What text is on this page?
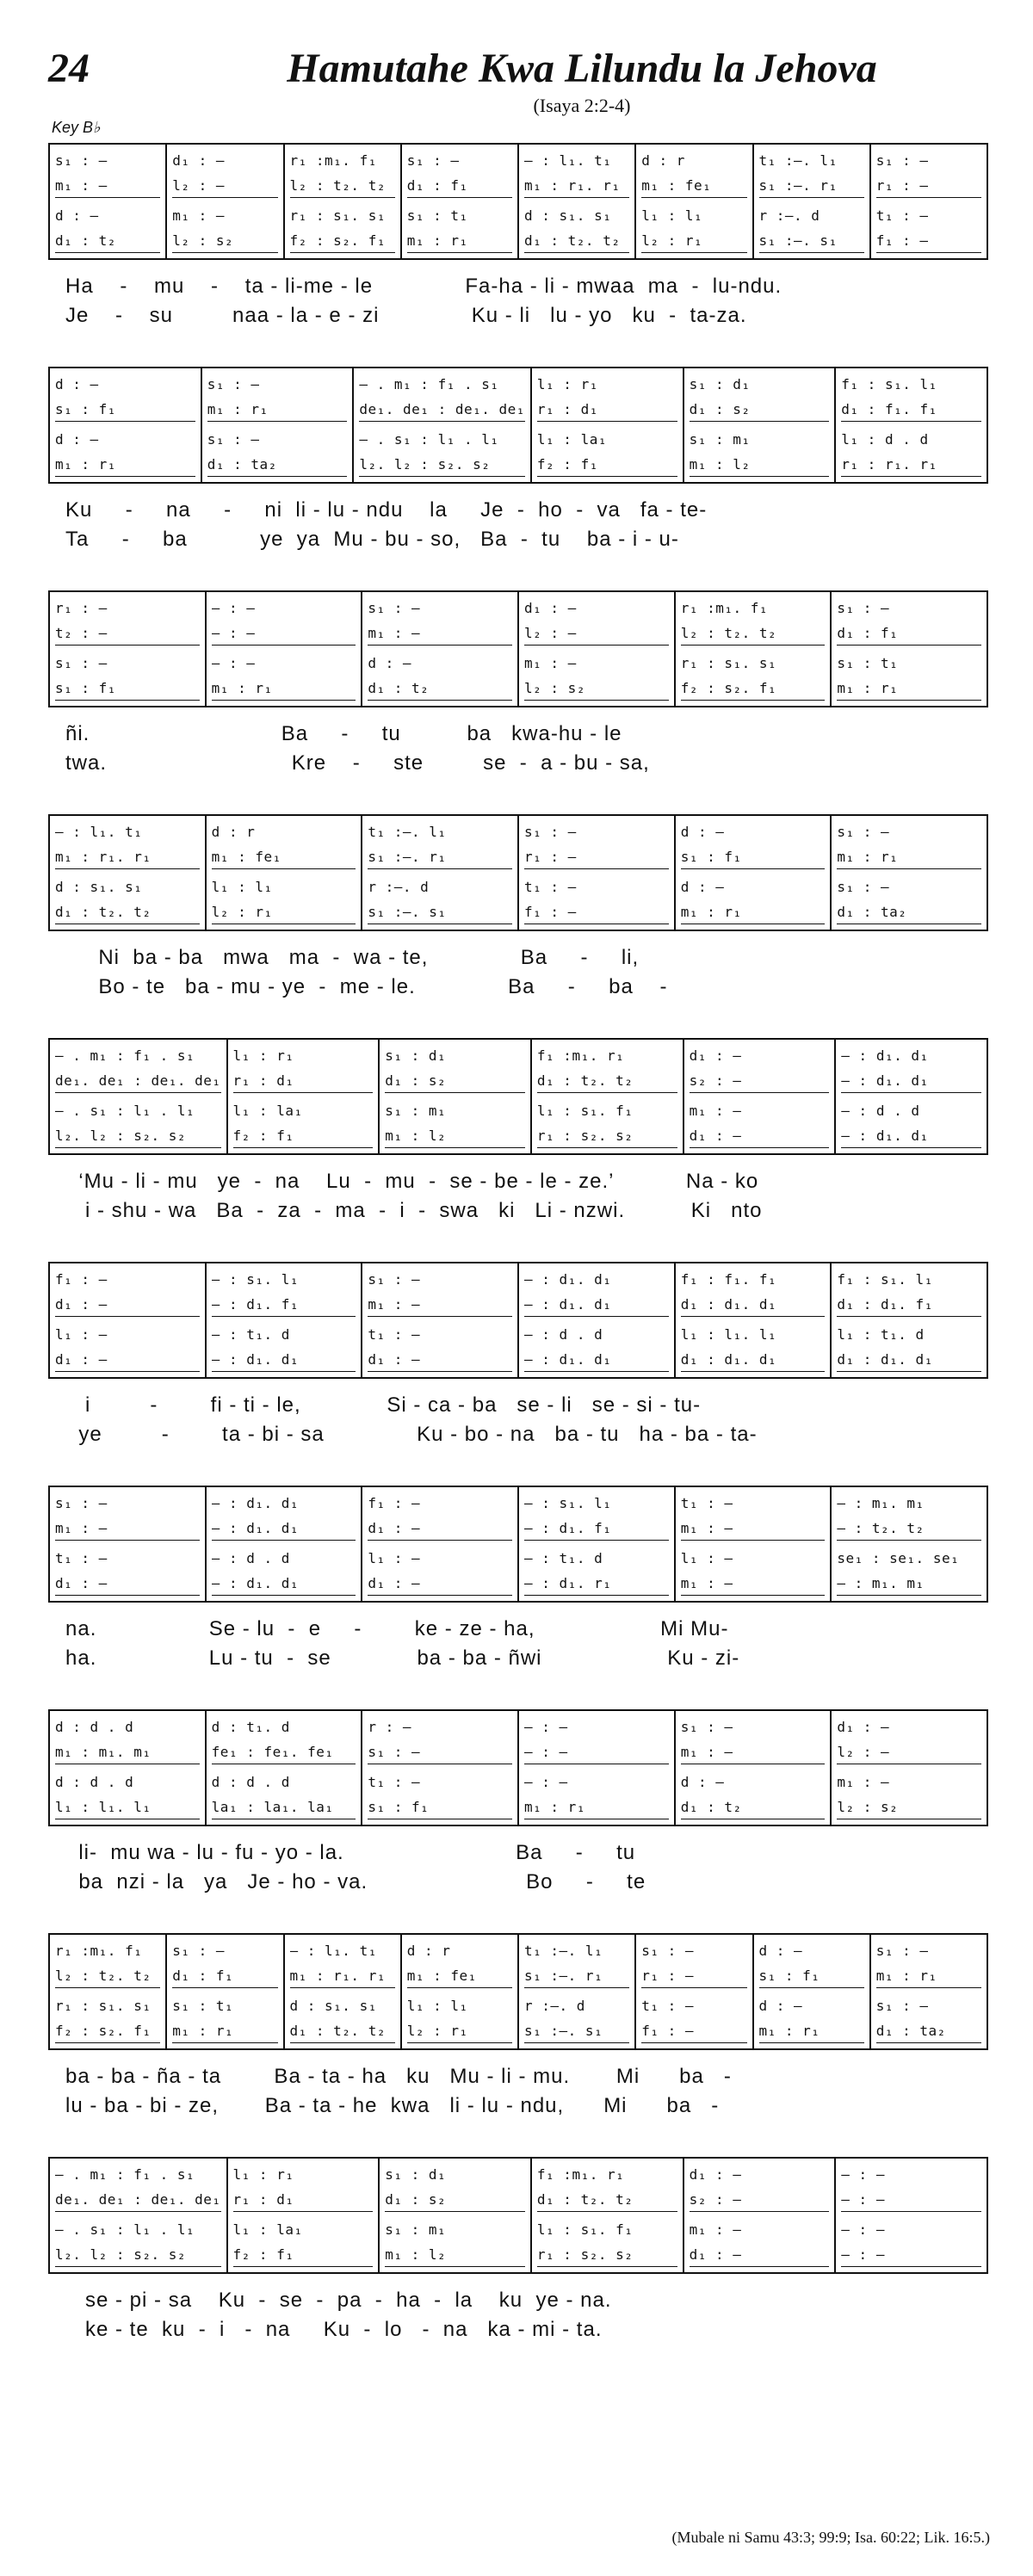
24	Hamutahe Kwa Lilundu la Jehova
(Isaya 2:2-4)
Key B♭
s₁ : —
m₁ : —
d : —
d₁ : t₂
d₁ : —
l₂ : —
m₁ : —
l₂ : s₂
r₁ :m₁. f₁
l₂ : t₂. t₂
r₁ : s₁. s₁
f₂ : s₂. f₁
s₁ : —
d₁ : f₁
s₁ : t₁
m₁ : r₁
— : l₁. t₁
m₁ : r₁. r₁
d : s₁. s₁
d₁ : t₂. t₂
d : r
m₁ : fe₁
l₁ : l₁
l₂ : r₁
t₁ :—. l₁
s₁ :—. r₁
r :—. d
s₁ :—. s₁
s₁ : —
r₁ : —
t₁ : —
f₁ : —
Ha    -    mu    -    ta - li-me - le              Fa-ha - li - mwaa  ma  -  lu-ndu.
Je    -    su         naa - la - e - zi              Ku - li   lu - yo   ku  -  ta-za.
d : —
s₁ : f₁
d : —
m₁ : r₁
s₁ : —
m₁ : r₁
s₁ : —
d₁ : ta₂
— . m₁ : f₁ . s₁
de₁. de₁ : de₁. de₁
— . s₁ : l₁ . l₁
l₂. l₂ : s₂. s₂
l₁ : r₁
r₁ : d₁
l₁ : la₁
f₂ : f₁
s₁ : d₁
d₁ : s₂
s₁ : m₁
m₁ : l₂
f₁ : s₁. l₁
d₁ : f₁. f₁
l₁ : d . d
r₁ : r₁. r₁
Ku     -     na     -     ni  li - lu - ndu    la     Je  -  ho  -  va   fa - te-
Ta     -     ba           ye  ya  Mu - bu - so,   Ba  -  tu    ba - i - u-
r₁ : —
t₂ : —
s₁ : —
s₁ : f₁
— : —
— : —
— : —
m₁ : r₁
s₁ : —
m₁ : —
d : —
d₁ : t₂
d₁ : —
l₂ : —
m₁ : —
l₂ : s₂
r₁ :m₁. f₁
l₂ : t₂. t₂
r₁ : s₁. s₁
f₂ : s₂. f₁
s₁ : —
d₁ : f₁
s₁ : t₁
m₁ : r₁
ñi.                             Ba     -     tu          ba   kwa-hu - le
twa.                            Kre    -     ste         se  -  a - bu - sa,
— : l₁. t₁
m₁ : r₁. r₁
d : s₁. s₁
d₁ : t₂. t₂
d : r
m₁ : fe₁
l₁ : l₁
l₂ : r₁
t₁ :—. l₁
s₁ :—. r₁
r :—. d
s₁ :—. s₁
s₁ : —
r₁ : —
t₁ : —
f₁ : —
d : —
s₁ : f₁
d : —
m₁ : r₁
s₁ : —
m₁ : r₁
s₁ : —
d₁ : ta₂
Ni  ba - ba   mwa   ma  -  wa - te,              Ba     -     li,
Bo - te   ba - mu - ye  -  me - le.              Ba     -     ba    -
— . m₁ : f₁ . s₁
de₁. de₁ : de₁. de₁
— . s₁ : l₁ . l₁
l₂. l₂ : s₂. s₂
l₁ : r₁
r₁ : d₁
l₁ : la₁
f₂ : f₁
s₁ : d₁
d₁ : s₂
s₁ : m₁
m₁ : l₂
f₁ :m₁. r₁
d₁ : t₂. t₂
l₁ : s₁. f₁
r₁ : s₂. s₂
d₁ : —
s₂ : —
m₁ : —
d₁ : —
— : d₁. d₁
— : d₁. d₁
— : d . d
— : d₁. d₁
‘Mu - li - mu   ye  -  na    Lu  -  mu  -  se - be - le - ze.’           Na - ko
i - shu - wa   Ba  -  za  -  ma  -  i  -  swa   ki   Li - nzwi.          Ki   nto
f₁ : —
d₁ : —
l₁ : —
d₁ : —
— : s₁. l₁
— : d₁. f₁
— : t₁. d
— : d₁. d₁
s₁ : —
m₁ : —
t₁ : —
d₁ : —
— : d₁. d₁
— : d₁. d₁
— : d . d
— : d₁. d₁
f₁ : f₁. f₁
d₁ : d₁. d₁
l₁ : l₁. l₁
d₁ : d₁. d₁
f₁ : s₁. l₁
d₁ : d₁. f₁
l₁ : t₁. d
d₁ : d₁. d₁
i         -        fi - ti - le,             Si - ca - ba   se - li   se - si - tu-
ye         -        ta - bi - sa              Ku - bo - na   ba - tu   ha - ba - ta-
s₁ : —
m₁ : —
t₁ : —
d₁ : —
— : d₁. d₁
— : d₁. d₁
— : d . d
— : d₁. d₁
f₁ : —
d₁ : —
l₁ : —
d₁ : —
— : s₁. l₁
— : d₁. f₁
— : t₁. d
— : d₁. r₁
t₁ : —
m₁ : —
l₁ : —
m₁ : —
— : m₁. m₁
— : t₂. t₂
se₁ : se₁. se₁
— : m₁. m₁
na.                 Se - lu  -  e     -        ke - ze - ha,                   Mi Mu-
ha.                 Lu - tu  -  se             ba - ba - ñwi                   Ku - zi-
d : d . d
m₁ : m₁. m₁
d : d . d
l₁ : l₁. l₁
d : t₁. d
fe₁ : fe₁. fe₁
d : d . d
la₁ : la₁. la₁
r : —
s₁ : —
t₁ : —
s₁ : f₁
— : —
— : —
— : —
m₁ : r₁
s₁ : —
m₁ : —
d : —
d₁ : t₂
d₁ : —
l₂ : —
m₁ : —
l₂ : s₂
li-  mu wa - lu - fu - yo - la.                          Ba     -     tu
ba  nzi - la   ya   Je - ho - va.                        Bo     -     te
r₁ :m₁. f₁
l₂ : t₂. t₂
r₁ : s₁. s₁
f₂ : s₂. f₁
s₁ : —
d₁ : f₁
s₁ : t₁
m₁ : r₁
— : l₁. t₁
m₁ : r₁. r₁
d : s₁. s₁
d₁ : t₂. t₂
d : r
m₁ : fe₁
l₁ : l₁
l₂ : r₁
t₁ :—. l₁
s₁ :—. r₁
r :—. d
s₁ :—. s₁
s₁ : —
r₁ : —
t₁ : —
f₁ : —
d : —
s₁ : f₁
d : —
m₁ : r₁
s₁ : —
m₁ : r₁
s₁ : —
d₁ : ta₂
ba - ba - ña - ta        Ba - ta - ha   ku   Mu - li - mu.       Mi      ba   -
lu - ba - bi - ze,       Ba - ta - he  kwa   li - lu - ndu,      Mi      ba   -
— . m₁ : f₁ . s₁
de₁. de₁ : de₁. de₁
— . s₁ : l₁ . l₁
l₂. l₂ : s₂. s₂
l₁ : r₁
r₁ : d₁
l₁ : la₁
f₂ : f₁
s₁ : d₁
d₁ : s₂
s₁ : m₁
m₁ : l₂
f₁ :m₁. r₁
d₁ : t₂. t₂
l₁ : s₁. f₁
r₁ : s₂. s₂
d₁ : —
s₂ : —
m₁ : —
d₁ : —
— : —
— : —
— : —
— : —
se - pi - sa    Ku  -  se  -  pa  -  ha  -  la    ku  ye - na.
ke - te  ku  -  i   -  na     Ku  -  lo   -  na   ka - mi - ta.
(Mubale ni Samu 43:3; 99:9; Isa. 60:22; Lik. 16:5.)
